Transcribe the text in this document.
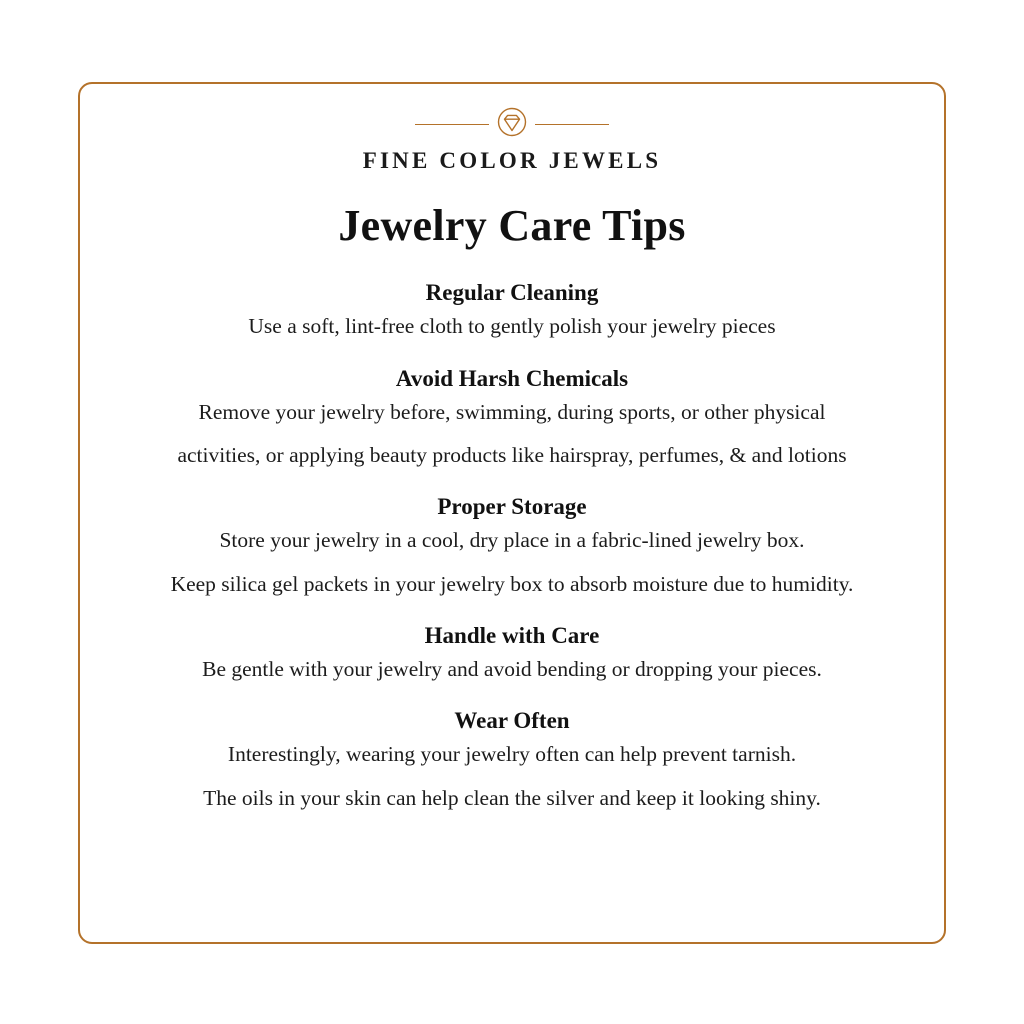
FINE COLOR JEWELS
Jewelry Care Tips
Regular Cleaning
Use a soft, lint-free cloth to gently polish your jewelry pieces
Avoid Harsh Chemicals
Remove your jewelry before, swimming, during sports, or other physical
activities, or applying beauty products like hairspray, perfumes, & and lotions
Proper Storage
Store your jewelry in a cool, dry place in a fabric-lined jewelry box.
Keep silica gel packets in your jewelry box to absorb moisture due to humidity.
Handle with Care
Be gentle with your jewelry and avoid bending or dropping your pieces.
Wear Often
Interestingly, wearing your jewelry often can help prevent tarnish.
The oils in your skin can help clean the silver and keep it looking shiny.
